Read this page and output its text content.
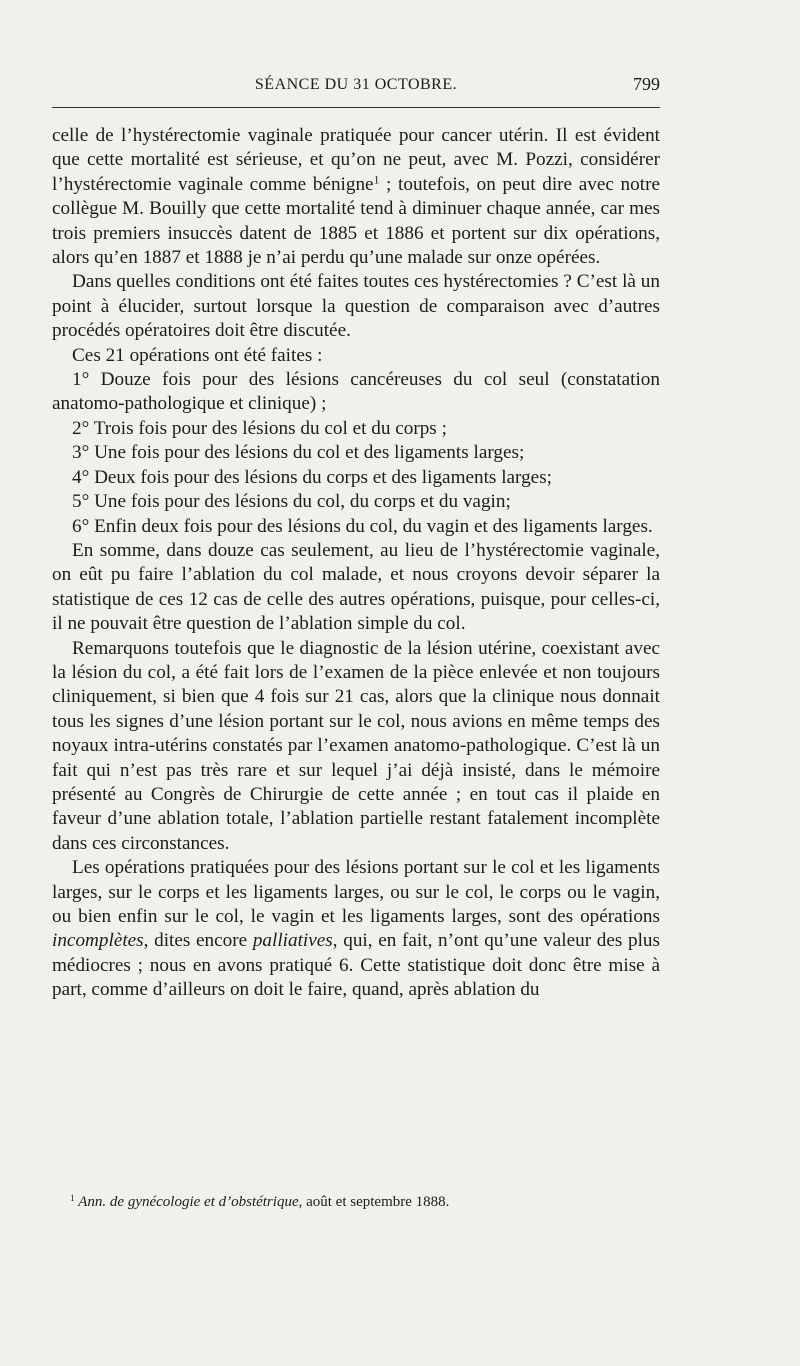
SÉANCE DU 31 OCTOBRE.	799

celle de l’hystérectomie vaginale pratiquée pour cancer utérin. Il est évident que cette mortalité est sérieuse, et qu’on ne peut, avec M. Pozzi, considérer l’hystérectomie vaginale comme bénigne$^1$ ; toutefois, on peut dire avec notre collègue M. Bouilly que cette mortalité tend à diminuer chaque année, car mes trois premiers insuccès datent de 1885 et 1886 et portent sur dix opérations, alors qu’en 1887 et 1888 je n’ai perdu qu’une malade sur onze opérées.

Dans quelles conditions ont été faites toutes ces hystérectomies ? C’est là un point à élucider, surtout lorsque la question de comparaison avec d’autres procédés opératoires doit être discutée.

Ces 21 opérations ont été faites :

1° Douze fois pour des lésions cancéreuses du col seul (constatation anatomo-pathologique et clinique) ;

2° Trois fois pour des lésions du col et du corps ;

3° Une fois pour des lésions du col et des ligaments larges;

4° Deux fois pour des lésions du corps et des ligaments larges;

5° Une fois pour des lésions du col, du corps et du vagin;

6° Enfin deux fois pour des lésions du col, du vagin et des ligaments larges.

En somme, dans douze cas seulement, au lieu de l’hystérectomie vaginale, on eût pu faire l’ablation du col malade, et nous croyons devoir séparer la statistique de ces 12 cas de celle des autres opérations, puisque, pour celles-ci, il ne pouvait être question de l’ablation simple du col.

Remarquons toutefois que le diagnostic de la lésion utérine, coexistant avec la lésion du col, a été fait lors de l’examen de la pièce enlevée et non toujours cliniquement, si bien que 4 fois sur 21 cas, alors que la clinique nous donnait tous les signes d’une lésion portant sur le col, nous avions en même temps des noyaux intra-utérins constatés par l’examen anatomo-pathologique. C’est là un fait qui n’est pas très rare et sur lequel j’ai déjà insisté, dans le mémoire présenté au Congrès de Chirurgie de cette année ; en tout cas il plaide en faveur d’une ablation totale, l’ablation partielle restant fatalement incomplète dans ces circonstances.

Les opérations pratiquées pour des lésions portant sur le col et les ligaments larges, sur le corps et les ligaments larges, ou sur le col, le corps ou le vagin, ou bien enfin sur le col, le vagin et les ligaments larges, sont des opérations incomplètes, dites encore palliatives, qui, en fait, n’ont qu’une valeur des plus médiocres ; nous en avons pratiqué 6. Cette statistique doit donc être mise à part, comme d’ailleurs on doit le faire, quand, après ablation du

$^1$ Ann. de gynécologie et d’obstétrique, août et septembre 1888.
